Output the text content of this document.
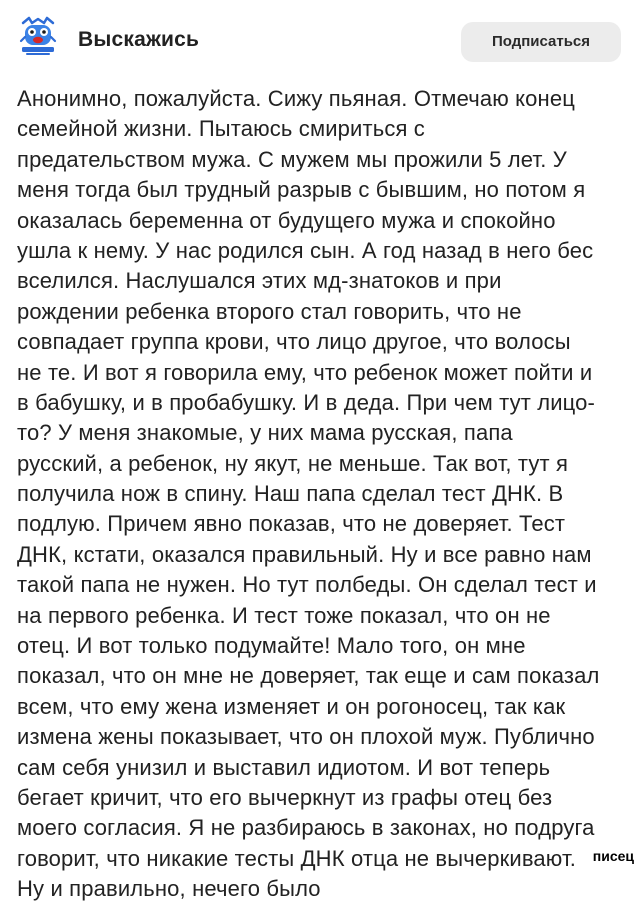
Выскажись	Подписаться
Анонимно, пожалуйста. Сижу пьяная. Отмечаю конец
семейной жизни. Пытаюсь смириться с
предательством мужа. С мужем мы прожили 5 лет. У
меня тогда был трудный разрыв с бывшим, но потом я
оказалась беременна от будущего мужа и спокойно
ушла к нему. У нас родился сын. А год назад в него бес
вселился. Наслушался этих мд-знатоков и при
рождении ребенка второго стал говорить, что не
совпадает группа крови, что лицо другое, что волосы
не те. И вот я говорила ему, что ребенок может пойти и
в бабушку, и в пробабушку. И в деда. При чем тут лицо-
то? У меня знакомые, у них мама русская, папа
русский, а ребенок, ну якут, не меньше. Так вот, тут я
получила нож в спину. Наш папа сделал тест ДНК. В
подлую. Причем явно показав, что не доверяет. Тест
ДНК, кстати, оказался правильный. Ну и все равно нам
такой папа не нужен. Но тут полбеды. Он сделал тест и
на первого ребенка. И тест тоже показал, что он не
отец. И вот только подумайте! Мало того, он мне
показал, что он мне не доверяет, так еще и сам показал
всем, что ему жена изменяет и он рогоносец, так как
измена жены показывает, что он плохой муж. Публично
сам себя унизил и выставил идиотом. И вот теперь
бегает кричит, что его вычеркнут из графы отец без
моего согласия. Я не разбираюсь в законах, но подруга
говорит, что никакие тесты ДНК отца не вычеркивают.
Ну и правильно, нечего было
писец
